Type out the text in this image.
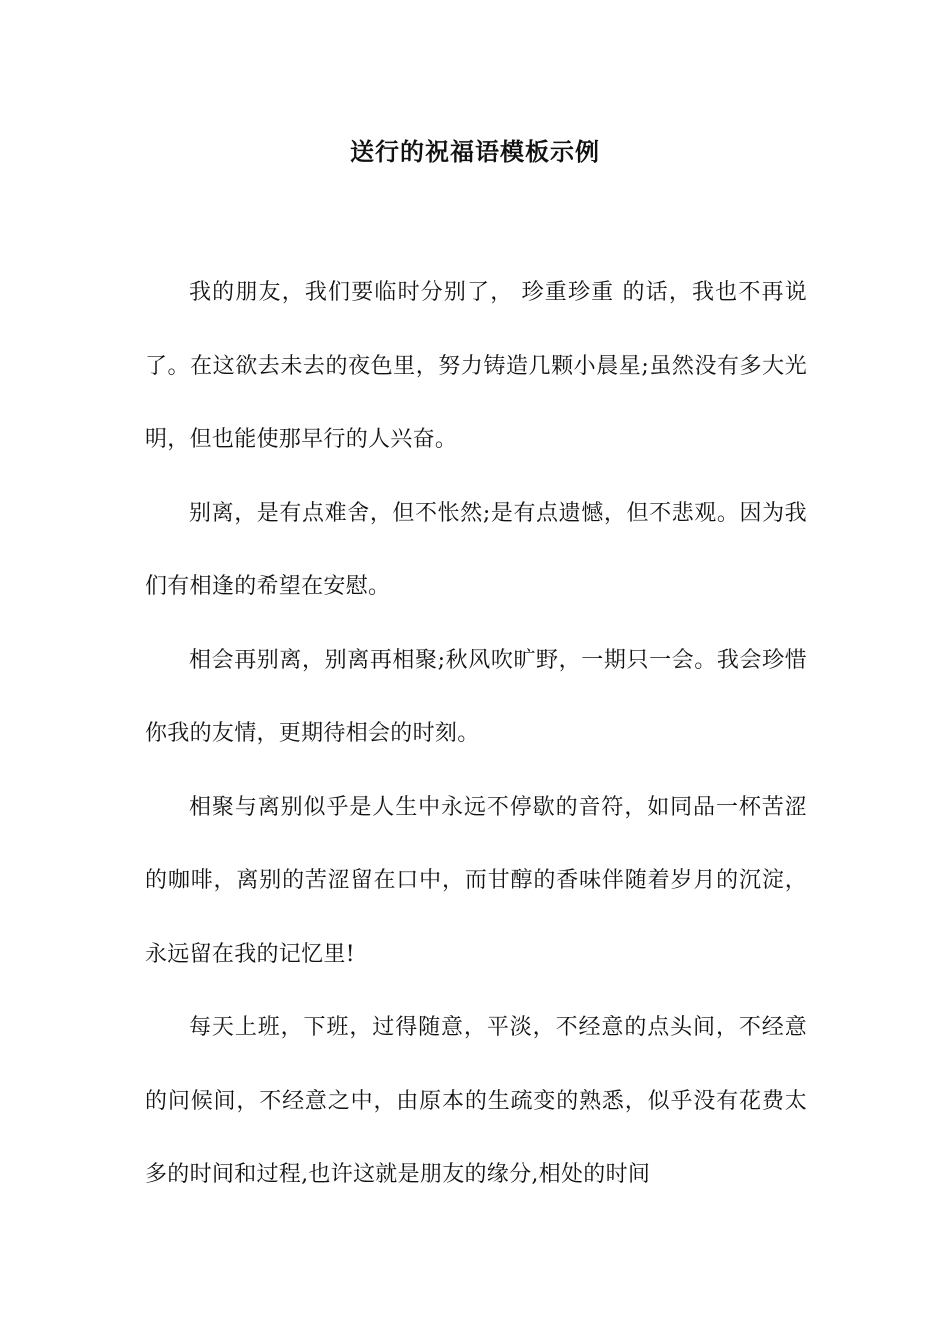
送行的祝福语模板示例

我的朋友，我们要临时分别了， 珍重珍重 的话，我也不再说了。在这欲去未去的夜色里，努力铸造几颗小晨星;虽然没有多大光明，但也能使那早行的人兴奋。

别离，是有点难舍，但不怅然;是有点遗憾，但不悲观。因为我们有相逢的希望在安慰。

相会再别离，别离再相聚;秋风吹旷野，一期只一会。我会珍惜你我的友情，更期待相会的时刻。

相聚与离别似乎是人生中永远不停歇的音符，如同品一杯苦涩的咖啡，离别的苦涩留在口中，而甘醇的香味伴随着岁月的沉淀，永远留在我的记忆里!

每天上班，下班，过得随意，平淡，不经意的点头间，不经意的问候间，不经意之中，由原本的生疏变的熟悉，似乎没有花费太多的时间和过程,也许这就是朋友的缘分,相处的时间
